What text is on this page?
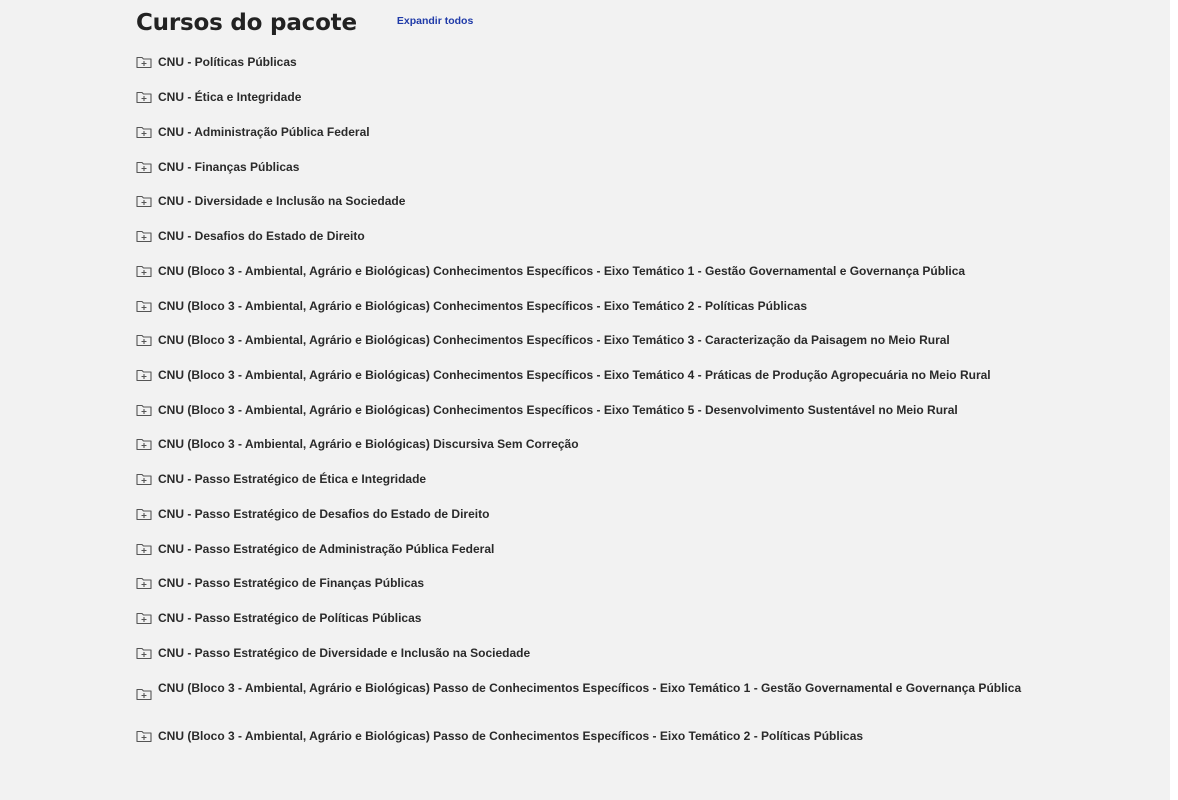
Cursos do pacote	Expandir todos
CNU - Políticas Públicas
CNU - Ética e Integridade
CNU - Administração Pública Federal
CNU - Finanças Públicas
CNU - Diversidade e Inclusão na Sociedade
CNU - Desafios do Estado de Direito
CNU (Bloco 3 - Ambiental, Agrário e Biológicas) Conhecimentos Específicos - Eixo Temático 1 - Gestão Governamental e Governança Pública
CNU (Bloco 3 - Ambiental, Agrário e Biológicas) Conhecimentos Específicos - Eixo Temático 2 - Políticas Públicas
CNU (Bloco 3 - Ambiental, Agrário e Biológicas) Conhecimentos Específicos - Eixo Temático 3 - Caracterização da Paisagem no Meio Rural
CNU (Bloco 3 - Ambiental, Agrário e Biológicas) Conhecimentos Específicos - Eixo Temático 4 - Práticas de Produção Agropecuária no Meio Rural
CNU (Bloco 3 - Ambiental, Agrário e Biológicas) Conhecimentos Específicos - Eixo Temático 5 - Desenvolvimento Sustentável no Meio Rural
CNU (Bloco 3 - Ambiental, Agrário e Biológicas) Discursiva Sem Correção
CNU - Passo Estratégico de Ética e Integridade
CNU - Passo Estratégico de Desafios do Estado de Direito
CNU - Passo Estratégico de Administração Pública Federal
CNU - Passo Estratégico de Finanças Públicas
CNU - Passo Estratégico de Políticas Públicas
CNU - Passo Estratégico de Diversidade e Inclusão na Sociedade
CNU (Bloco 3 - Ambiental, Agrário e Biológicas) Passo de Conhecimentos Específicos - Eixo Temático 1 - Gestão Governamental e Governança Pública
CNU (Bloco 3 - Ambiental, Agrário e Biológicas) Passo de Conhecimentos Específicos - Eixo Temático 2 - Políticas Públicas
